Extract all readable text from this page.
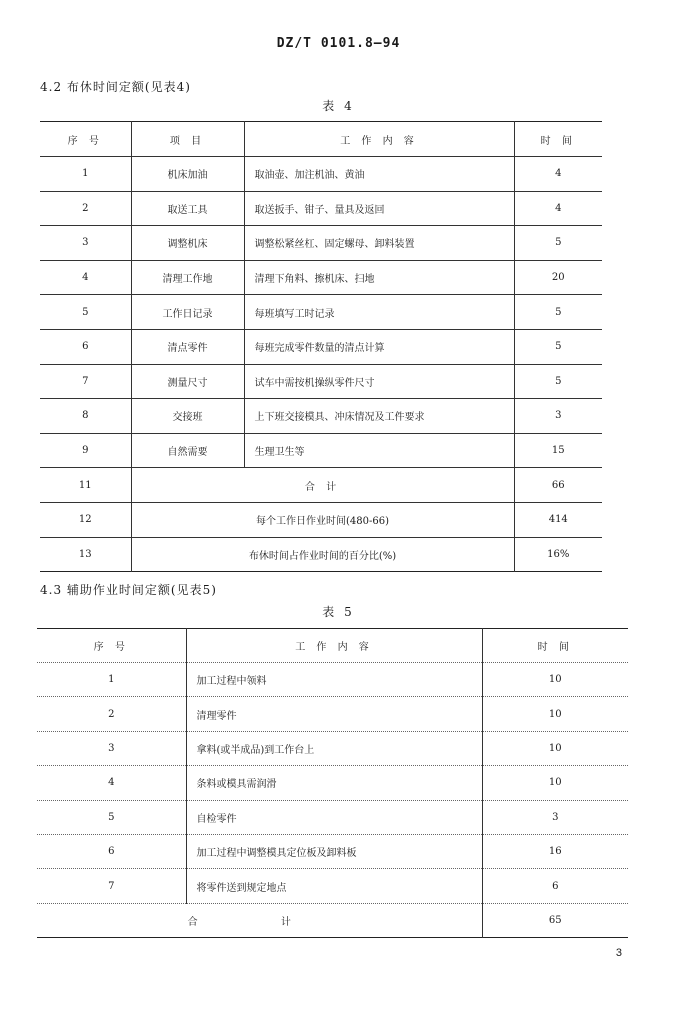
DZ/T 0101.8—94
4.2 布休时间定额(见表4)
表 4
序 号	项 目	工 作 内 容	时 间
1	机床加油	取油壶、加注机油、黄油	4
2	取送工具	取送扳手、钳子、量具及返回	4
3	调整机床	调整松紧丝杠、固定螺母、卸料装置	5
4	清理工作地	清理下角料、擦机床、扫地	20
5	工作日记录	每班填写工时记录	5
6	清点零件	每班完成零件数量的清点计算	5
7	测量尺寸	试车中需按机操纵零件尺寸	5
8	交接班	上下班交接模具、冲床情况及工件要求	3
9	自然需要	生理卫生等	15
11	合 计		66
12	每个工作日作业时间(480-66)		414
13	布休时间占作业时间的百分比(%)		16%
4.3 辅助作业时间定额(见表5)
表 5
序 号	工 作 内 容	时 间
1	加工过程中领料	10
2	清理零件	10
3	拿料(或半成品)到工作台上	10
4	条料或模具需润滑	10
5	自检零件	3
6	加工过程中调整模具定位板及卸料板	16
7	将零件送到规定地点	6
合 计		65
3
